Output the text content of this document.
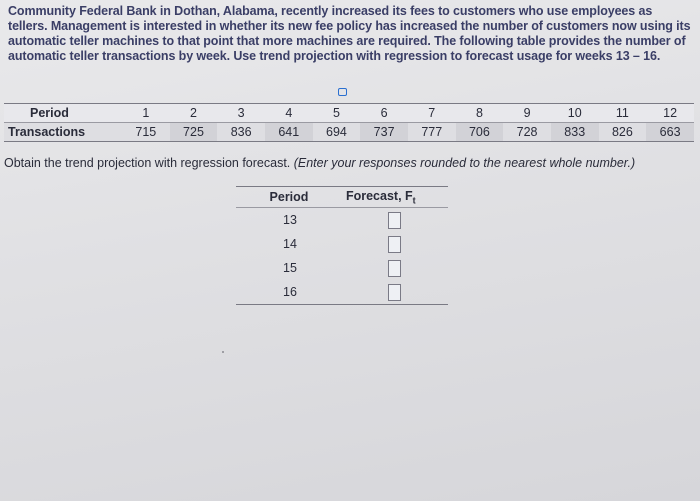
Community Federal Bank in Dothan, Alabama, recently increased its fees to customers who use employees as tellers. Management is interested in whether its new fee policy has increased the number of customers now using its automatic teller machines to that point that more machines are required. The following table provides the number of automatic teller transactions by week. Use trend projection with regression to forecast usage for weeks 13 – 16.
Period	1	2	3	4	5	6	7	8	9	10	11	12
Transactions	715	725	836	641	694	737	777	706	728	833	826	663
Obtain the trend projection with regression forecast. (Enter your responses rounded to the nearest whole number.)
Period	Forecast, $F_t$
13
14
15
16
